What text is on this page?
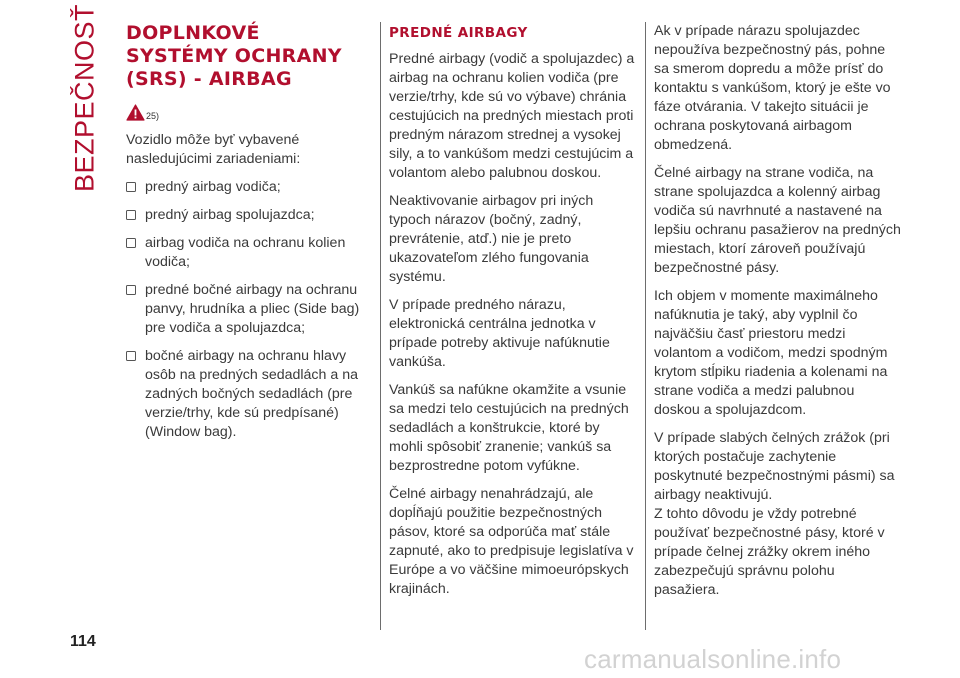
BEZPEČNOSŤ DOPLNKOVÉ
SYSTÉMY OCHRANY
(SRS) - AIRBAG
25)

Vozidlo môže byť vybavené nasledujúcimi zariadeniami:

predný airbag vodiča;
predný airbag spolujazdca;
airbag vodiča na ochranu kolien vodiča;
predné bočné airbagy na ochranu panvy, hrudníka a pliec (Side bag) pre vodiča a spolujazdca;
bočné airbagy na ochranu hlavy osôb na predných sedadlách a na zadných bočných sedadlách (pre verzie/trhy, kde sú predpísané) (Window bag).
PREDNÉ AIRBAGY

Predné airbagy (vodič a spolujazdec) a airbag na ochranu kolien vodiča (pre verzie/trhy, kde sú vo výbave) chránia cestujúcich na predných miestach proti predným nárazom strednej a vysokej sily, a to vankúšom medzi cestujúcim a volantom alebo palubnou doskou.

Neaktivovanie airbagov pri iných typoch nárazov (bočný, zadný, prevrátenie, atď.) nie je preto ukazovateľom zlého fungovania systému.

V prípade predného nárazu, elektronická centrálna jednotka v prípade potreby aktivuje nafúknutie vankúša.

Vankúš sa nafúkne okamžite a vsunie sa medzi telo cestujúcich na predných sedadlách a konštrukcie, ktoré by mohli spôsobiť zranenie; vankúš sa bezprostredne potom vyfúkne.

Čelné airbagy nenahrádzajú, ale dopĺňajú použitie bezpečnostných pásov, ktoré sa odporúča mať stále zapnuté, ako to predpisuje legislatíva v Európe a vo väčšine mimoeurópskych krajinách.

Ak v prípade nárazu spolujazdec nepoužíva bezpečnostný pás, pohne sa smerom dopredu a môže prísť do kontaktu s vankúšom, ktorý je ešte vo fáze otvárania. V takejto situácii je ochrana poskytovaná airbagom obmedzená.

Čelné airbagy na strane vodiča, na strane spolujazdca a kolenný airbag vodiča sú navrhnuté a nastavené na lepšiu ochranu pasažierov na predných miestach, ktorí zároveň používajú bezpečnostné pásy.

Ich objem v momente maximálneho nafúknutia je taký, aby vyplnil čo najväčšiu časť priestoru medzi volantom a vodičom, medzi spodným krytom stĺpiku riadenia a kolenami na strane vodiča a medzi palubnou doskou a spolujazdcom.

V prípade slabých čelných zrážok (pri ktorých postačuje zachytenie poskytnuté bezpečnostnými pásmi) sa airbagy neaktivujú.
Z tohto dôvodu je vždy potrebné používať bezpečnostné pásy, ktoré v prípade čelnej zrážky okrem iného zabezpečujú správnu polohu pasažiera.

114
carmanualsonline.info
